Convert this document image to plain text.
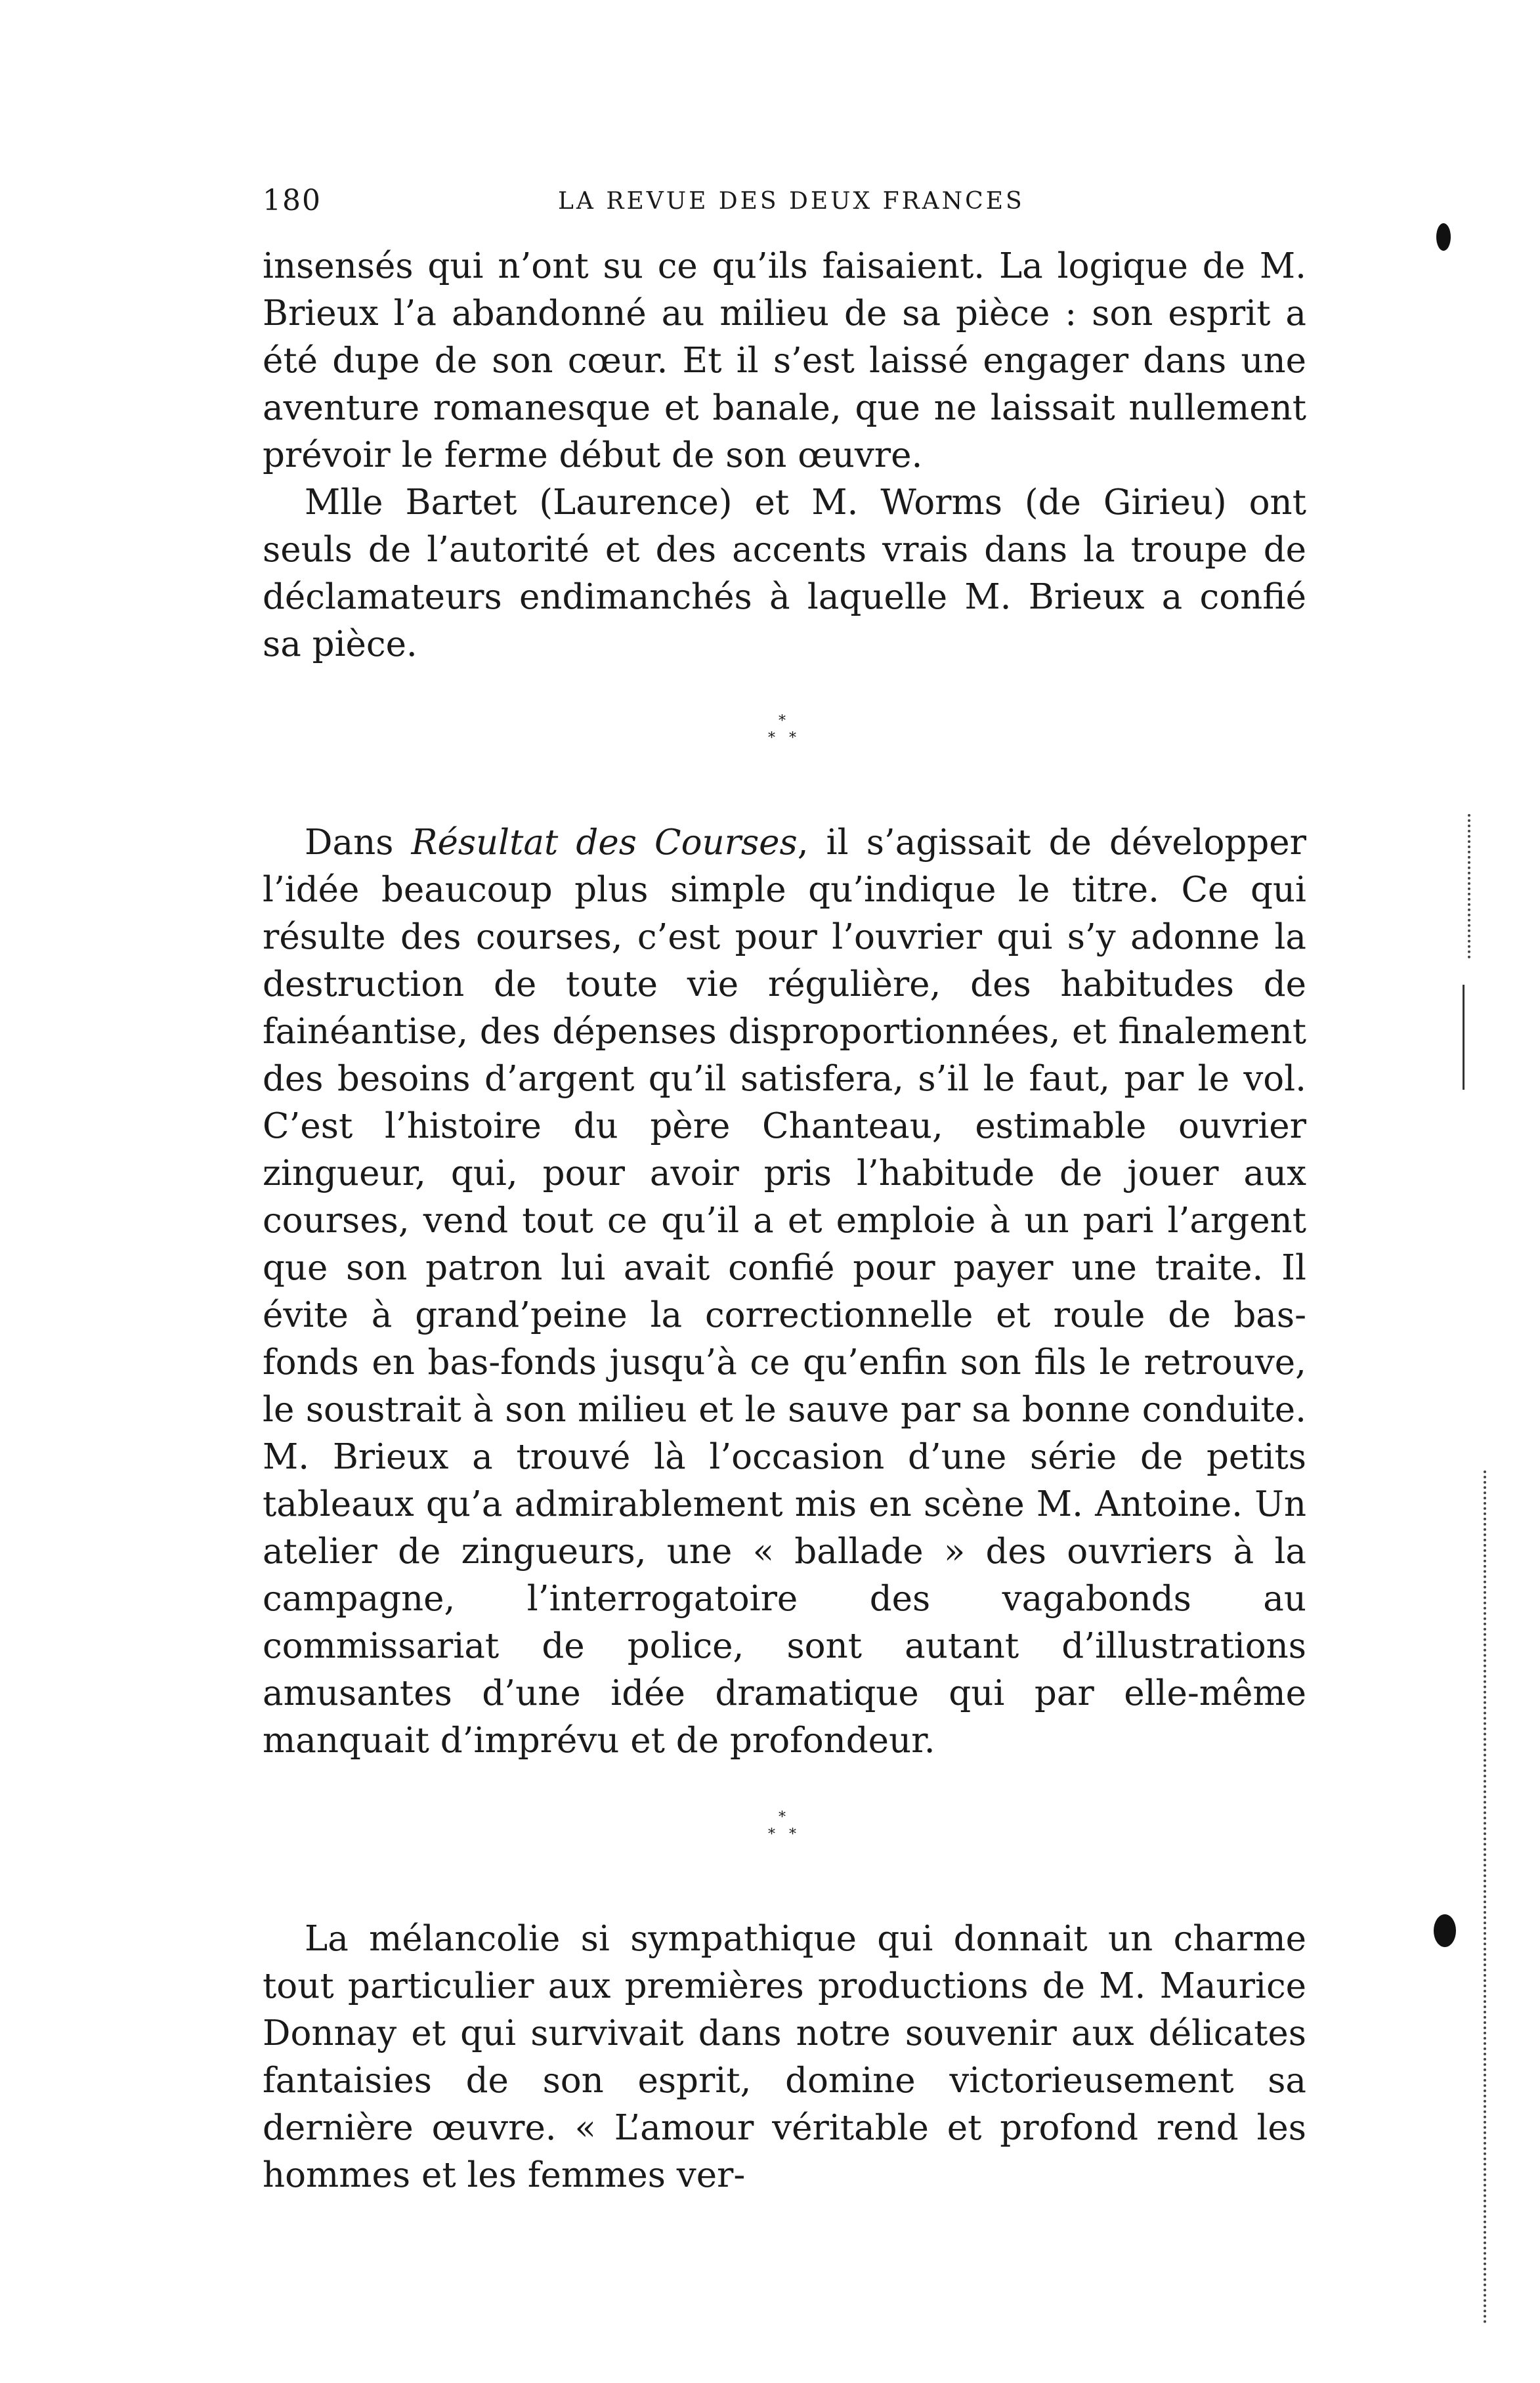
180	LA REVUE DES DEUX FRANCES

insensés qui n’ont su ce qu’ils faisaient. La logique de M. Brieux l’a abandonné au milieu de sa pièce : son esprit a été dupe de son cœur. Et il s’est laissé engager dans une aventure romanesque et banale, que ne laissait nullement prévoir le ferme début de son œuvre.

Mlle Bartet (Laurence) et M. Worms (de Girieu) ont seuls de l’autorité et des accents vrais dans la troupe de déclamateurs endimanchés à laquelle M. Brieux a confié sa pièce.

*
* *

Dans Résultat des Courses, il s’agissait de développer l’idée beaucoup plus simple qu’indique le titre. Ce qui résulte des courses, c’est pour l’ouvrier qui s’y adonne la destruction de toute vie régulière, des habitudes de fainéantise, des dépenses disproportionnées, et finalement des besoins d’argent qu’il satisfera, s’il le faut, par le vol. C’est l’histoire du père Chanteau, estimable ouvrier zingueur, qui, pour avoir pris l’habitude de jouer aux courses, vend tout ce qu’il a et emploie à un pari l’argent que son patron lui avait confié pour payer une traite. Il évite à grand’peine la correctionnelle et roule de bas-fonds en bas-fonds jusqu’à ce qu’enfin son fils le retrouve, le soustrait à son milieu et le sauve par sa bonne conduite. M. Brieux a trouvé là l’occasion d’une série de petits tableaux qu’a admirablement mis en scène M. Antoine. Un atelier de zingueurs, une « ballade » des ouvriers à la campagne, l’interrogatoire des vagabonds au commissariat de police, sont autant d’illustrations amusantes d’une idée dramatique qui par elle-même manquait d’imprévu et de profondeur.

*
* *

La mélancolie si sympathique qui donnait un charme tout particulier aux premières productions de M. Maurice Donnay et qui survivait dans notre souvenir aux délicates fantaisies de son esprit, domine victorieusement sa dernière œuvre. « L’amour véritable et profond rend les hommes et les femmes ver-
